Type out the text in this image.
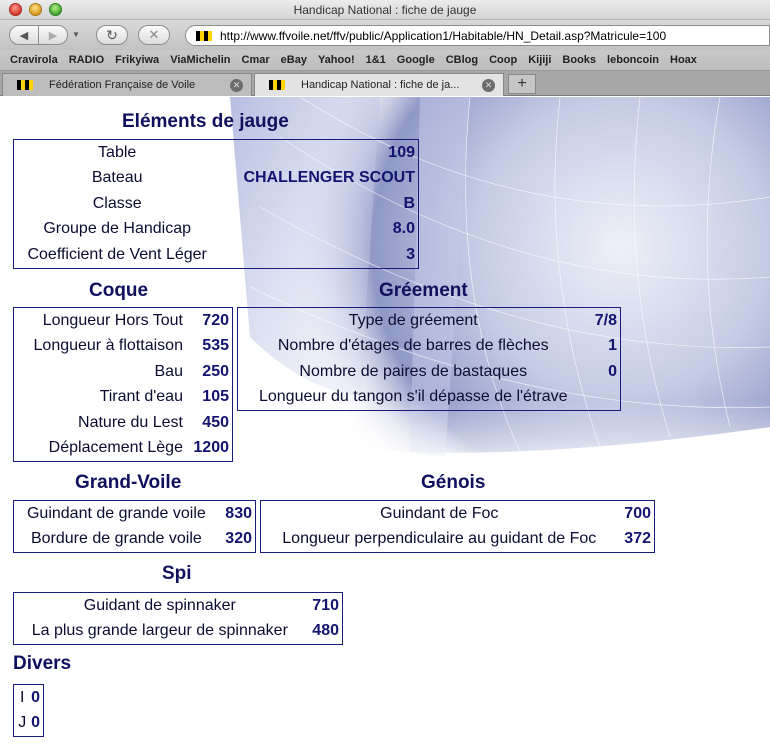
Handicap National : fiche de jauge
◀ ▶ ▼ ↻ ✕	http://www.ffvoile.net/ffv/public/Application1/Habitable/HN_Detail.asp?Matricule=100
Cravirola RADIO Frikyiwa ViaMichelin Cmar eBay Yahoo! 1&1 Google CBlog Coop Kijiji Books leboncoin Hoax
Fédération Française de Voile	✕	Handicap National : fiche de ja...	✕	+
Eléments de jauge
Table	109
Bateau	CHALLENGER SCOUT
Classe	B
Groupe de Handicap	8.0
Coefficient de Vent Léger	3
Coque
Longueur Hors Tout	720
Longueur à flottaison	535
Bau	250
Tirant d'eau	105
Nature du Lest	450
Déplacement Lège	1200
Gréement
Type de gréement	7/8
Nombre d'étages de barres de flèches	1
Nombre de paires de bastaques	0
Longueur du tangon s'il dépasse de l'étrave	
Grand-Voile
Guindant de grande voile	830
Bordure de grande voile	320
Génois
Guindant de Foc	700
Longueur perpendiculaire au guidant de Foc	372
Spi
Guidant de spinnaker	710
La plus grande largeur de spinnaker	480
Divers
I	0
J	0
